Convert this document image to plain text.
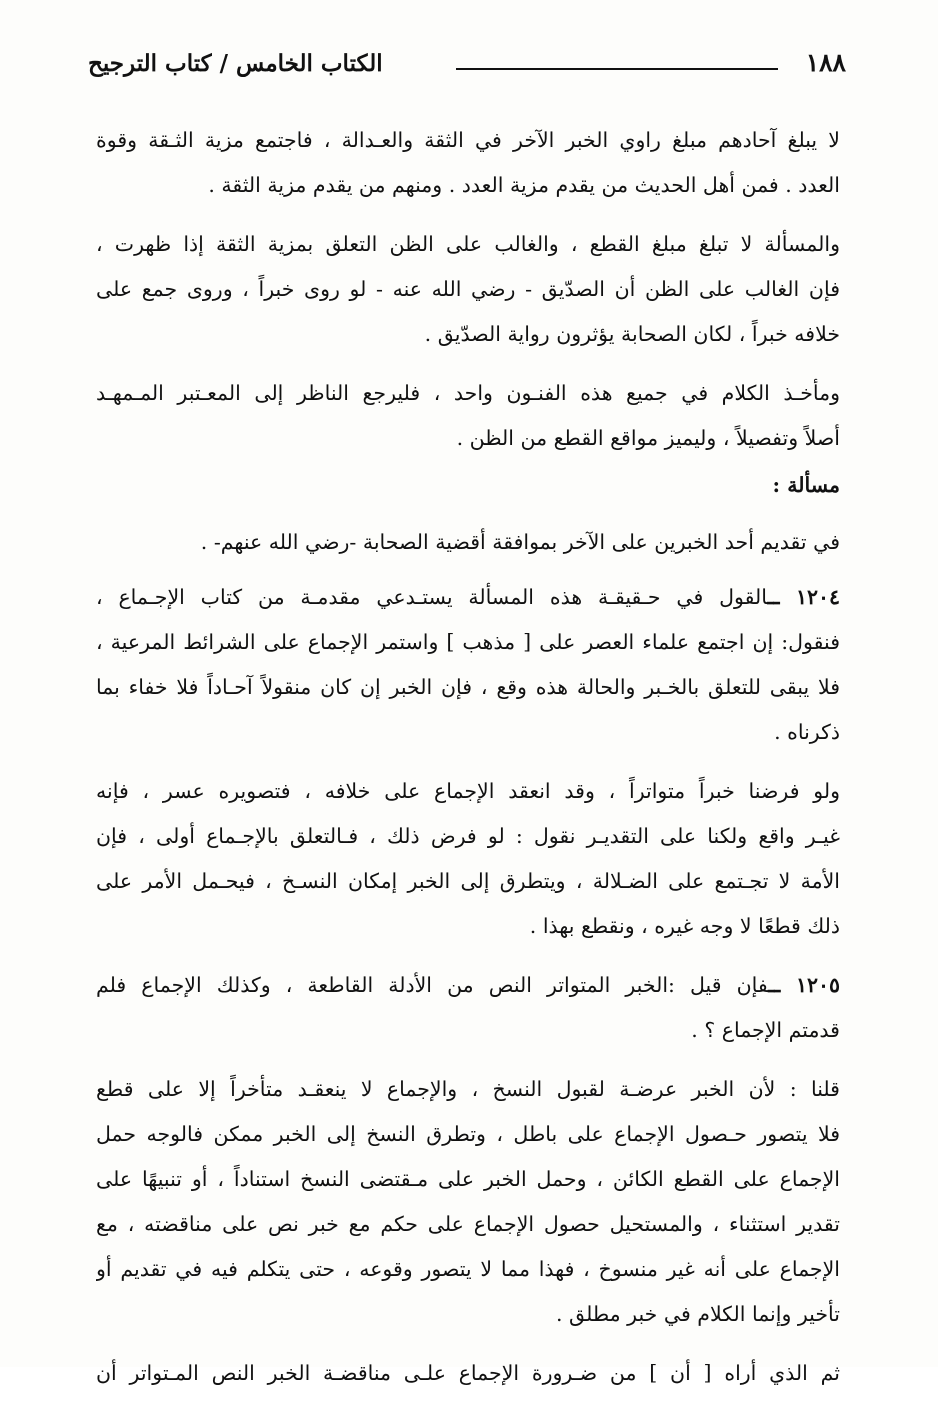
١٨٨
الكتاب الخامس / كتاب الترجيح
لا يبلغ آحادهم مبلغ راوي الخبر الآخر في الثقة والعـدالة ، فاجتمع مزية الثـقة وقوة
العدد . فمن أهل الحديث من يقدم مزية العدد . ومنهم من يقدم مزية الثقة .
والمسألة لا تبلغ مبلغ القطع ، والغالب على الظن التعلق بمزية الثقة إذا ظهرت ،
فإن الغالب على الظن أن الصدّيق - رضي الله عنه - لو روى خبراً ، وروى جمع على
خلافه خبراً ، لكان الصحابة يؤثرون رواية الصدّيق .
ومأخـذ الكلام في جميع هذه الفنـون واحد ، فليرجع الناظر إلى المعـتبر المـمهـد
أصلاً وتفصيلاً ، وليميز مواقع القطع من الظن .
مسألة :
في تقديم أحد الخبرين على الآخر بموافقة أقضية الصحابة -رضي الله عنهم- .
١٢٠٤ ــالقول في حـقيقـة هذه المسألة يستـدعي مقدمـة من كتاب الإجـماع ،
فنقول: إن اجتمع علماء العصر على [ مذهب ] واستمر الإجماع على الشرائط المرعية ،
فلا يبقى للتعلق بالخـبر والحالة هذه وقع ، فإن الخبر إن كان منقولاً آحـاداً فلا خفاء بما
ذكرناه .
ولو فرضنا خبراً متواتراً ، وقد انعقد الإجماع على خلافه ، فتصويره عسر ، فإنه
غيـر واقع ولكنا على التقديـر نقول : لو فرض ذلك ، فـالتعلق بالإجـماع أولى ، فإن
الأمة لا تجـتمع على الضـلالة ، ويتطرق إلى الخبر إمكان النسـخ ، فيحـمل الأمر على
ذلك قطعًا لا وجه غيره ، ونقطع بهذا .
١٢٠٥ ــفإن قيل :الخبر المتواتر النص من الأدلة القاطعة ، وكذلك الإجماع فلم
قدمتم الإجماع ؟ .
قلنا : لأن الخبر عرضـة لقبول النسخ ، والإجماع لا ينعقـد متأخراً إلا على قطع
فلا يتصور حـصول الإجماع على باطل ، وتطرق النسخ إلى الخبر ممكن فالوجه حمل
الإجماع على القطع الكائن ، وحمل الخبر على مـقتضى النسخ استناداً ، أو تنبيهًا على
تقدير استثناء ، والمستحيل حصول الإجماع على حكم مع خبر نص على مناقضته ، مع
الإجماع على أنه غير منسوخ ، فهذا مما لا يتصور وقوعه ، حتى يتكلم فيه في تقديم أو
تأخير وإنما الكلام في خبر مطلق .
ثم الذي أراه [ أن ] من ضـرورة الإجماع علـى مناقضـة الخبر النص المـتواتر أن
